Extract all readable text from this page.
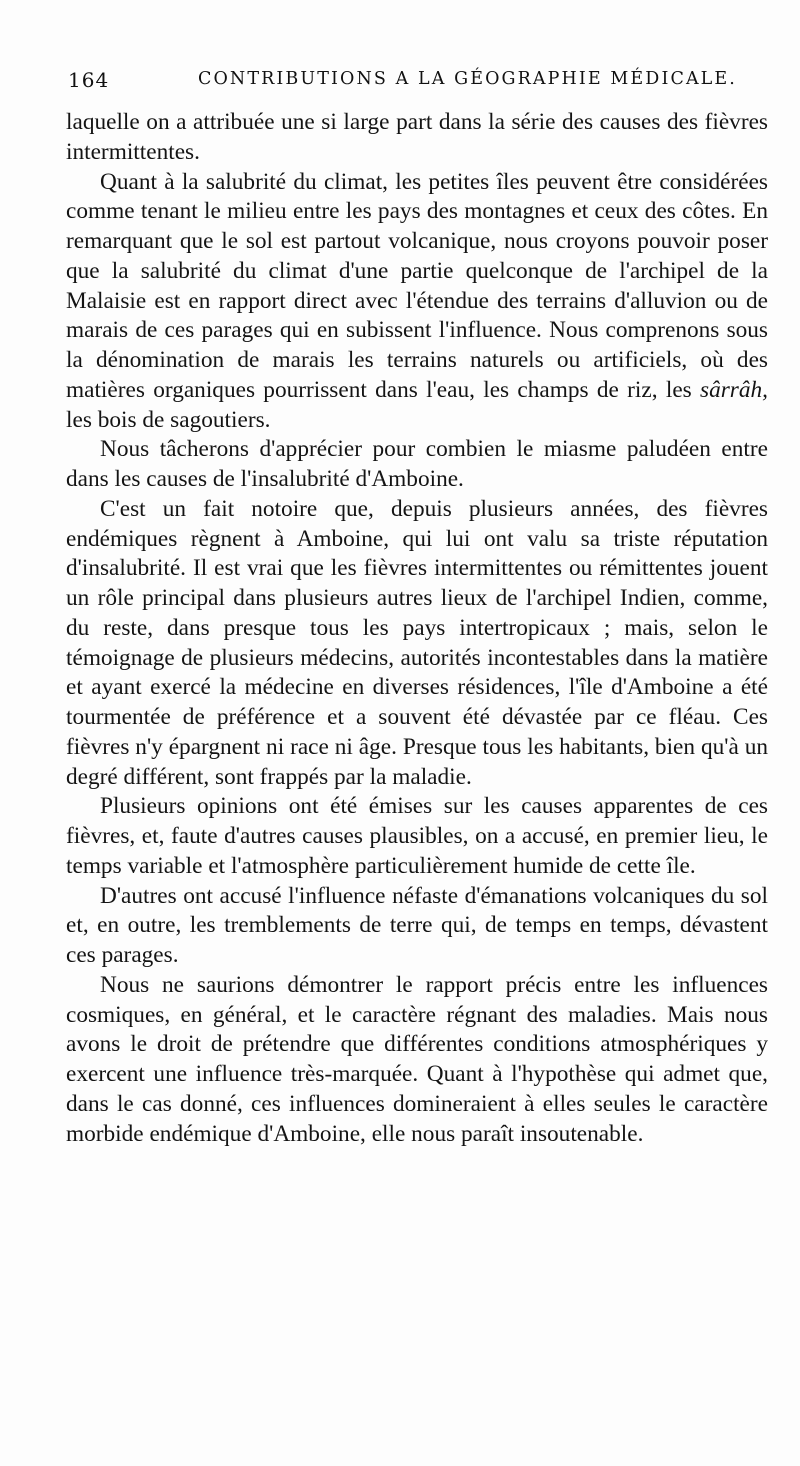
164	CONTRIBUTIONS A LA GÉOGRAPHIE MÉDICALE.

laquelle on a attribuée une si large part dans la série des causes des fièvres intermittentes.

Quant à la salubrité du climat, les petites îles peuvent être considérées comme tenant le milieu entre les pays des montagnes et ceux des côtes. En remarquant que le sol est partout volcanique, nous croyons pouvoir poser que la salubrité du climat d'une partie quelconque de l'archipel de la Malaisie est en rapport direct avec l'étendue des terrains d'alluvion ou de marais de ces parages qui en subissent l'influence. Nous comprenons sous la dénomination de marais les terrains naturels ou artificiels, où des matières organiques pourrissent dans l'eau, les champs de riz, les sârrâh, les bois de sagoutiers.

Nous tâcherons d'apprécier pour combien le miasme paludéen entre dans les causes de l'insalubrité d'Amboine.

C'est un fait notoire que, depuis plusieurs années, des fièvres endémiques règnent à Amboine, qui lui ont valu sa triste réputation d'insalubrité. Il est vrai que les fièvres intermittentes ou rémittentes jouent un rôle principal dans plusieurs autres lieux de l'archipel Indien, comme, du reste, dans presque tous les pays intertropicaux ; mais, selon le témoignage de plusieurs médecins, autorités incontestables dans la matière et ayant exercé la médecine en diverses résidences, l'île d'Amboine a été tourmentée de préférence et a souvent été dévastée par ce fléau. Ces fièvres n'y épargnent ni race ni âge. Presque tous les habitants, bien qu'à un degré différent, sont frappés par la maladie.

Plusieurs opinions ont été émises sur les causes apparentes de ces fièvres, et, faute d'autres causes plausibles, on a accusé, en premier lieu, le temps variable et l'atmosphère particulièrement humide de cette île.

D'autres ont accusé l'influence néfaste d'émanations volcaniques du sol et, en outre, les tremblements de terre qui, de temps en temps, dévastent ces parages.

Nous ne saurions démontrer le rapport précis entre les influences cosmiques, en général, et le caractère régnant des maladies. Mais nous avons le droit de prétendre que différentes conditions atmosphériques y exercent une influence très-marquée. Quant à l'hypothèse qui admet que, dans le cas donné, ces influences domineraient à elles seules le caractère morbide endémique d'Amboine, elle nous paraît insoutenable.
